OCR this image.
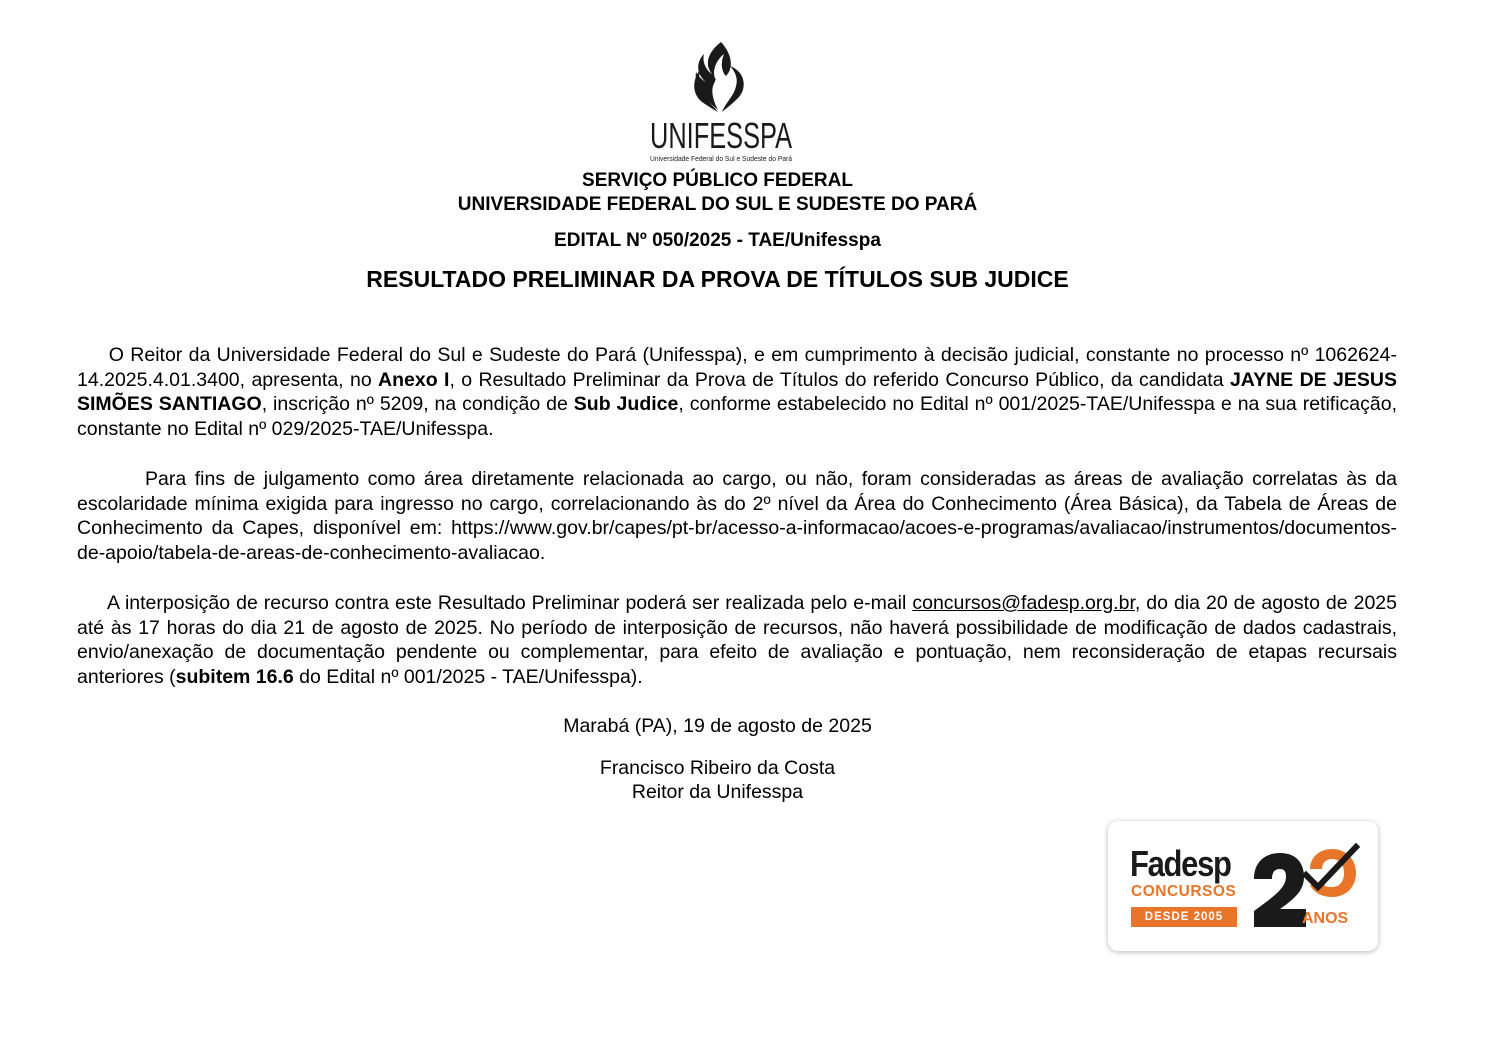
UNIFESSPA
Universidade Federal do Sul e Sudeste do Pará
SERVIÇO PÚBLICO FEDERAL
UNIVERSIDADE FEDERAL DO SUL E SUDESTE DO PARÁ
EDITAL Nº 050/2025 - TAE/Unifesspa
RESULTADO PRELIMINAR DA PROVA DE TÍTULOS SUB JUDICE
O Reitor da Universidade Federal do Sul e Sudeste do Pará (Unifesspa), e em cumprimento à decisão judicial, constante no processo nº 1062624-14.2025.4.01.3400, apresenta, no Anexo I, o Resultado Preliminar da Prova de Títulos do referido Concurso Público, da candidata JAYNE DE JESUS SIMÕES SANTIAGO, inscrição nº 5209, na condição de Sub Judice, conforme estabelecido no Edital nº 001/2025-TAE/Unifesspa e na sua retificação, constante no Edital nº 029/2025-TAE/Unifesspa.
Para fins de julgamento como área diretamente relacionada ao cargo, ou não, foram consideradas as áreas de avaliação correlatas às da escolaridade mínima exigida para ingresso no cargo, correlacionando às do 2º nível da Área do Conhecimento (Área Básica), da Tabela de Áreas de Conhecimento da Capes, disponível em: https://www.gov.br/capes/pt-br/acesso-a-informacao/acoes-e-programas/avaliacao/instrumentos/documentos-de-apoio/tabela-de-areas-de-conhecimento-avaliacao.
A interposição de recurso contra este Resultado Preliminar poderá ser realizada pelo e-mail concursos@fadesp.org.br, do dia 20 de agosto de 2025 até às 17 horas do dia 21 de agosto de 2025. No período de interposição de recursos, não haverá possibilidade de modificação de dados cadastrais, envio/anexação de documentação pendente ou complementar, para efeito de avaliação e pontuação, nem reconsideração de etapas recursais anteriores (subitem 16.6 do Edital nº 001/2025 - TAE/Unifesspa).
Marabá (PA), 19 de agosto de 2025
Francisco Ribeiro da Costa
Reitor da Unifesspa
Fadesp
CONCURSOS
DESDE 2005	ANOS
